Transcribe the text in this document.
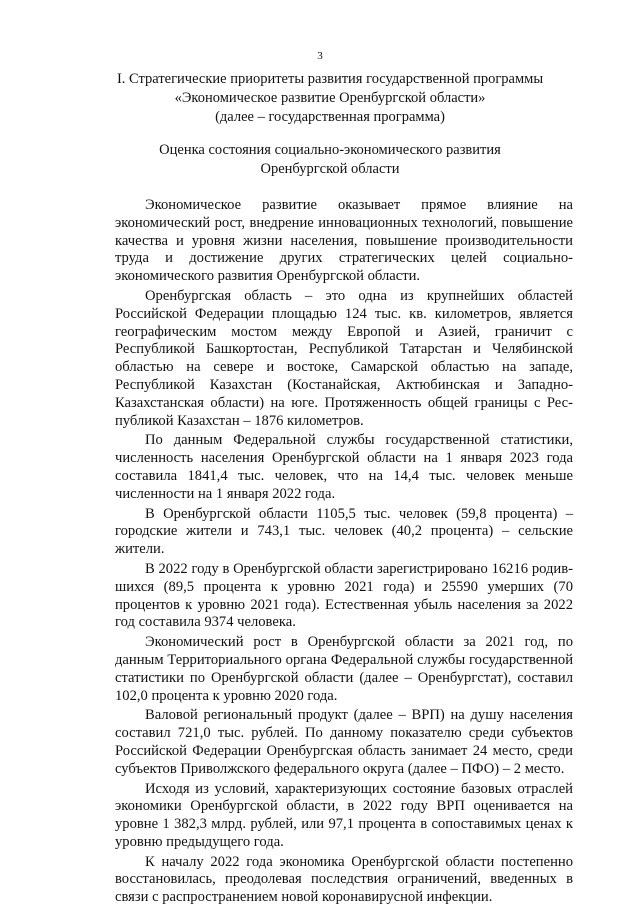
3
I. Стратегические приоритеты развития государственной программы
«Экономическое развитие Оренбургской области»
(далее – государственная программа)
Оценка состояния социально-экономического развития
Оренбургской области

Экономическое развитие оказывает прямое влияние на экономический рост, внедрение инновационных технологий, повышение качества и уровня жизни населения, повышение производительности труда и достижение других стратегических целей социально-экономического развития Оренбургской области.

Оренбургская область – это одна из крупнейших областей Российской Федерации площадью 124 тыс. кв. километров, является географическим мостом между Европой и Азией, граничит с Республикой Башкортостан, Республикой Татарстан и Челябинской областью на севере и востоке, Самарской областью на западе, Республикой Казахстан (Костанайская, Актюбинская и Западно-Казахстанская области) на юге. Протяженность общей границы с Республикой Казахстан – 1876 километров.

По данным Федеральной службы государственной статистики, численность населения Оренбургской области на 1 января 2023 года составила 1841,4 тыс. человек, что на 14,4 тыс. человек меньше численности на 1 января 2022 года.

В Оренбургской области 1105,5 тыс. человек (59,8 процента) – городские жители и 743,1 тыс. человек (40,2 процента) – сельские жители.

В 2022 году в Оренбургской области зарегистрировано 16216 родившихся (89,5 процента к уровню 2021 года) и 25590 умерших (70 процентов к уровню 2021 года). Естественная убыль населения за 2022 год составила 9374 человека.

Экономический рост в Оренбургской области за 2021 год, по данным Территориального органа Федеральной службы государственной статистики по Оренбургской области (далее – Оренбургстат), составил 102,0 процента к уровню 2020 года.

Валовой региональный продукт (далее – ВРП) на душу населения составил 721,0 тыс. рублей. По данному показателю среди субъектов Российской Федерации Оренбургская область занимает 24 место, среди субъектов Приволжского федерального округа (далее – ПФО) – 2 место.

Исходя из условий, характеризующих состояние базовых отраслей экономики Оренбургской области, в 2022 году ВРП оценивается на уровне 1 382,3 млрд. рублей, или 97,1 процента в сопоставимых ценах к уровню предыдущего года.

К началу 2022 года экономика Оренбургской области постепенно восстановилась, преодолевая последствия ограничений, введенных в связи с распространением новой коронавирусной инфекции.
